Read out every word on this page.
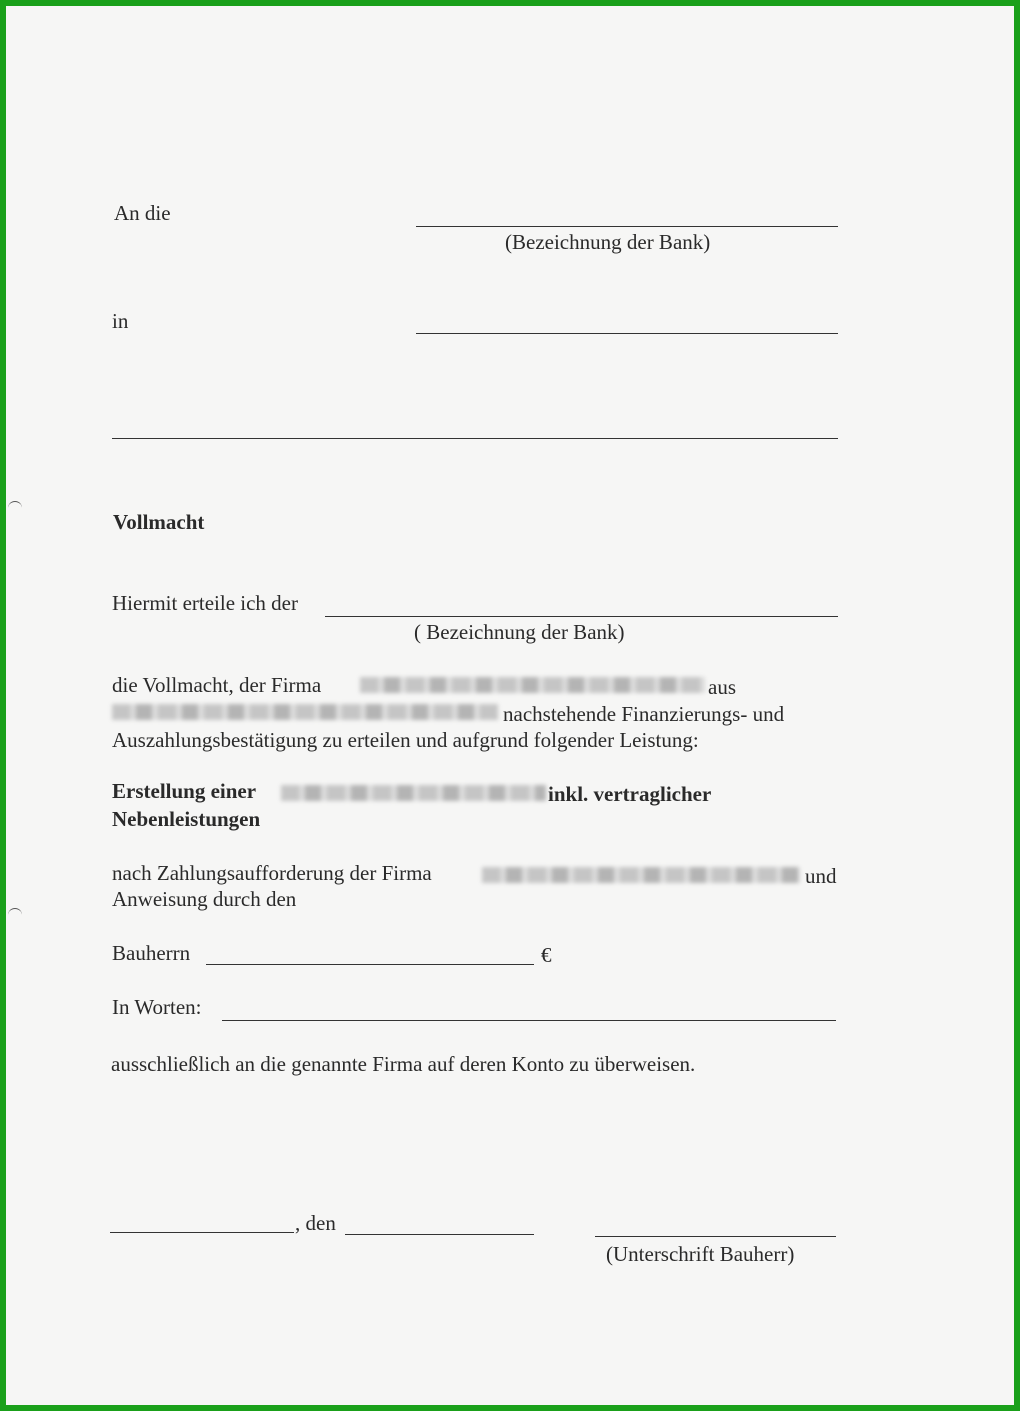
An die
(Bezeichnung der Bank)
in
Vollmacht
Hiermit erteile ich der
( Bezeichnung der Bank)
die Vollmacht, der Firma	aus
nachstehende Finanzierungs- und
Auszahlungsbestätigung zu erteilen und aufgrund folgender Leistung:
Erstellung einer	inkl. vertraglicher
Nebenleistungen
nach Zahlungsaufforderung der Firma	und
Anweisung durch den
Bauherrn	€
In Worten:
ausschließlich an die genannte Firma auf deren Konto zu überweisen.
, den
(Unterschrift Bauherr)
